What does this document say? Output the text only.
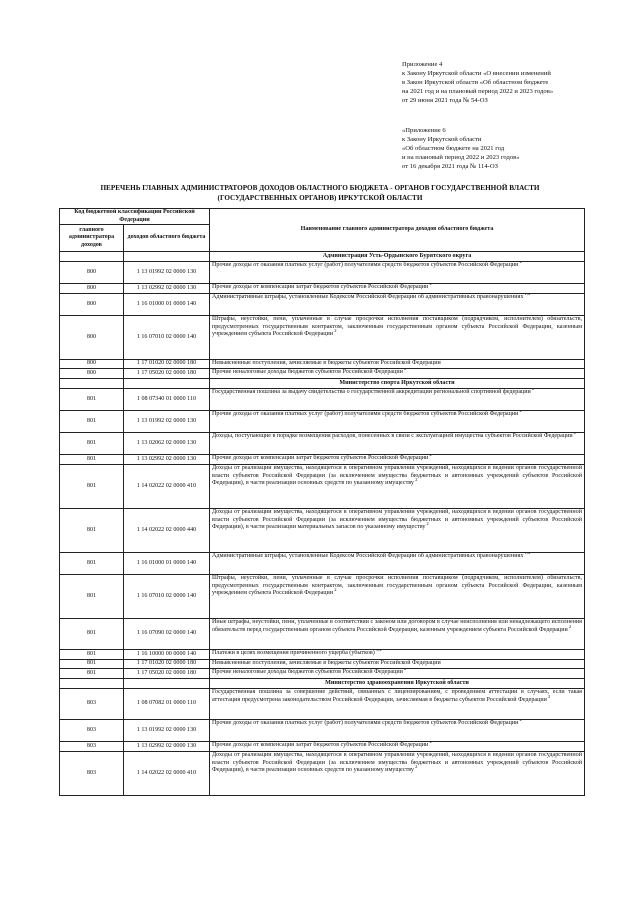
Приложение 4
к Закону Иркутской области «О внесении изменений
в Закон Иркутской области «Об областном бюджете
на 2021 год и на плановый период 2022 и 2023 годов»
от 29 июня 2021 года № 54-ОЗ
«Приложение 6
к Закону Иркутской области
«Об областном бюджете на 2021 год
и на плановый период 2022 и 2023 годов»
от 16 декабря 2021 года № 114-ОЗ
ПЕРЕЧЕНЬ ГЛАВНЫХ АДМИНИСТРАТОРОВ ДОХОДОВ ОБЛАСТНОГО БЮДЖЕТА - ОРГАНОВ ГОСУДАРСТВЕННОЙ ВЛАСТИ (ГОСУДАРСТВЕННЫХ ОРГАНОВ) ИРКУТСКОЙ ОБЛАСТИ
Код бюджетной классификации Российской Федерации		Наименование главного администратора доходов областного бюджета
главного администратора доходов	доходов областного бюджета	
		Администрация Усть-Ордынского Бурятского округа
800	1 13 01992 02 0000 130	Прочие доходы от оказания платных услуг (работ) получателями средств бюджетов субъектов Российской Федерации $^2$
800	1 13 02992 02 0000 130	Прочие доходы от компенсации затрат бюджетов субъектов Российской Федерации $^2$
800	1 16 01000 01 0000 140	Административные штрафы, установленные Кодексом Российской Федерации об административных правонарушениях $^{1,4}$
800	1 16 07010 02 0000 140	Штрафы, неустойки, пени, уплаченные в случае просрочки исполнения поставщиком (подрядчиком, исполнителем) обязательств, предусмотренных государственным контрактом, заключенным государственным органом субъекта Российской Федерации, казенным учреждением субъекта Российской Федерации $^2$
800	1 17 01020 02 0000 180	Невыясненные поступления, зачисляемые в бюджеты субъектов Российской Федерации
800	1 17 05020 02 0000 180	Прочие неналоговые доходы бюджетов субъектов Российской Федерации $^2$
		Министерство спорта Иркутской области
801	1 08 07340 01 0000 110	Государственная пошлина за выдачу свидетельства о государственной аккредитации региональной спортивной федерации $^2$
801	1 13 01992 02 0000 130	Прочие доходы от оказания платных услуг (работ) получателями средств бюджетов субъектов Российской Федерации $^2$
801	1 13 02062 02 0000 130	Доходы, поступающие в порядке возмещения расходов, понесенных в связи с эксплуатацией имущества субъектов Российской Федерации $^2$
801	1 13 02992 02 0000 130	Прочие доходы от компенсации затрат бюджетов субъектов Российской Федерации $^2$
801	1 14 02022 02 0000 410	Доходы от реализации имущества, находящегося в оперативном управлении учреждений, находящихся в ведении органов государственной власти субъектов Российской Федерации (за исключением имущества бюджетных и автономных учреждений субъектов Российской Федерации), в части реализации основных средств по указанному имуществу $^2$
801	1 14 02022 02 0000 440	Доходы от реализации имущества, находящегося в оперативном управлении учреждений, находящихся в ведении органов государственной власти субъектов Российской Федерации (за исключением имущества бюджетных и автономных учреждений субъектов Российской Федерации), в части реализации материальных запасов по указанному имуществу $^2$
801	1 16 01000 01 0000 140	Административные штрафы, установленные Кодексом Российской Федерации об административных правонарушениях $^{1,4}$
801	1 16 07010 02 0000 140	Штрафы, неустойки, пени, уплаченные в случае просрочки исполнения поставщиком (подрядчиком, исполнителем) обязательств, предусмотренных государственным контрактом, заключенным государственным органом субъекта Российской Федерации, казенным учреждением субъекта Российской Федерации $^2$
801	1 16 07090 02 0000 140	Иные штрафы, неустойки, пени, уплаченные в соответствии с законом или договором в случае неисполнения или ненадлежащего исполнения обязательств перед государственным органом субъекта Российской Федерации, казенным учреждением субъекта Российской Федерации $^2$
801	1 16 10000 00 0000 140	Платежи в целях возмещения причиненного ущерба (убытков) $^{1,4}$
801	1 17 01020 02 0000 180	Невыясненные поступления, зачисляемые в бюджеты субъектов Российской Федерации
801	1 17 05020 02 0000 180	Прочие неналоговые доходы бюджетов субъектов Российской Федерации $^2$
		Министерство здравоохранения Иркутской области
803	1 08 07082 01 0000 110	Государственная пошлина за совершение действий, связанных с лицензированием, с проведением аттестации в случаях, если такая аттестация предусмотрена законодательством Российской Федерации, зачисляемая в бюджеты субъектов Российской Федерации $^2$
803	1 13 01992 02 0000 130	Прочие доходы от оказания платных услуг (работ) получателями средств бюджетов субъектов Российской Федерации $^2$
803	1 13 02992 02 0000 130	Прочие доходы от компенсации затрат бюджетов субъектов Российской Федерации $^2$
803	1 14 02022 02 0000 410	Доходы от реализации имущества, находящегося в оперативном управлении учреждений, находящихся в ведении органов государственной власти субъектов Российской Федерации (за исключением имущества бюджетных и автономных учреждений субъектов Российской Федерации), в части реализации основных средств по указанному имуществу $^2$
